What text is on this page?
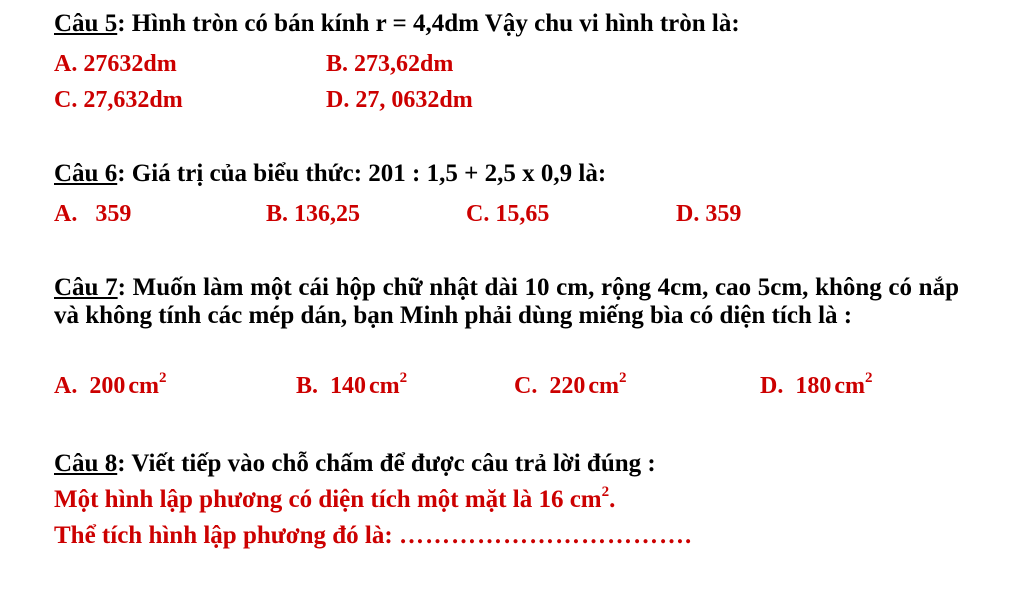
Câu 5: Hình tròn có bán kính r = 4,4dm Vậy chu vi hình tròn là:
A. 27632dm	B. 273,62dm
C. 27,632dm	D. 27, 0632dm
Câu 6: Giá trị của biểu thức: 201 : 1,5 + 2,5 x 0,9 là:
A. 359	B. 136,25	C. 15,65	D. 359
Câu 7: Muốn làm một cái hộp chữ nhật dài 10 cm, rộng 4cm, cao 5cm, không có nắp và không tính các mép dán, bạn Minh phải dùng miếng bìa có diện tích là :
A. 200 $cm^2$	B. 140 $cm^2$	C. 220 $cm^2$	D. 180 $cm^2$
Câu 8: Viết tiếp vào chỗ chấm để được câu trả lời đúng :
Một hình lập phương có diện tích một mặt là 16 $cm^2$.
Thể tích hình lập phương đó là: …………………………….
